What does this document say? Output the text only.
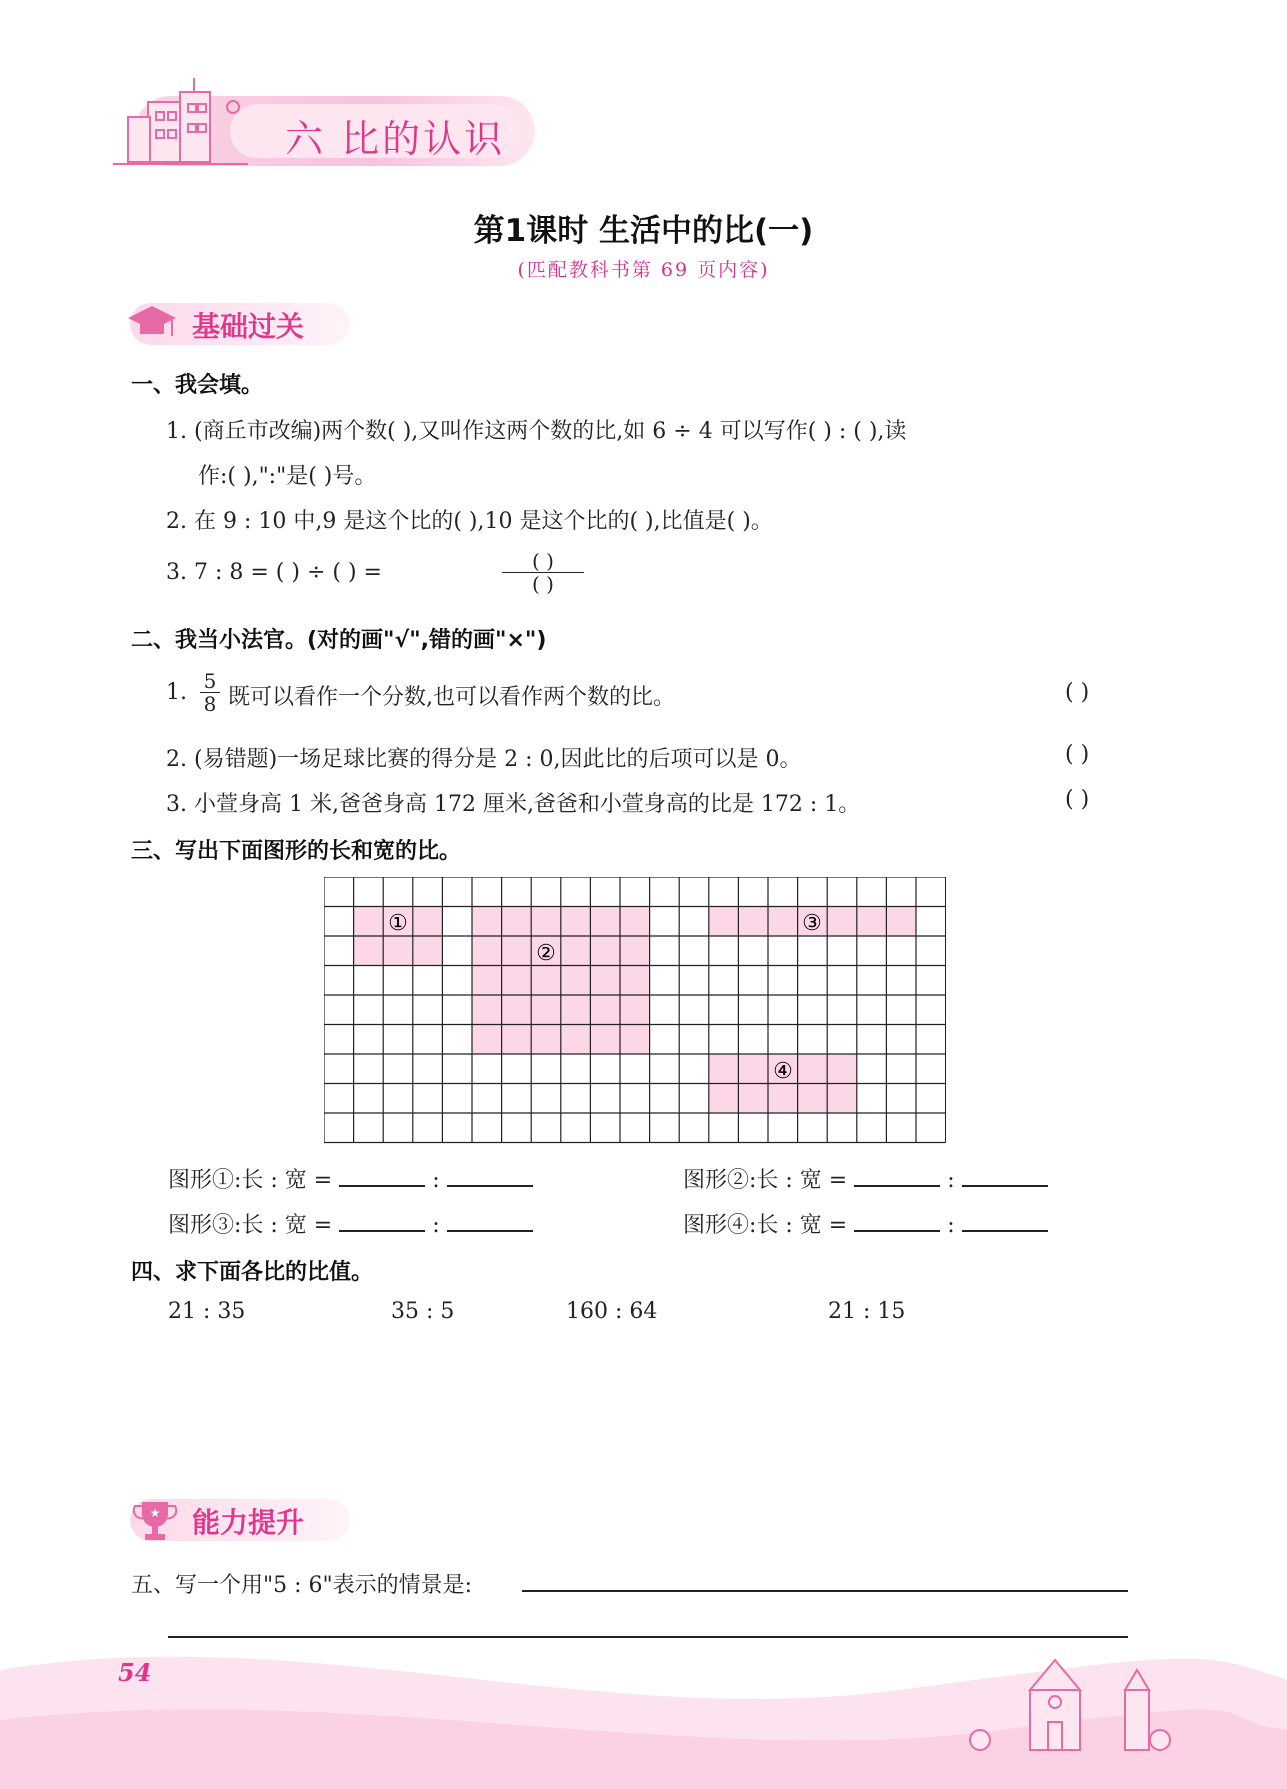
六 比的认识
第1课时 生活中的比(一)
(匹配教科书第 69 页内容)
基础过关
一、我会填。
1. (商丘市改编)两个数( ),又叫作这两个数的比,如 6 ÷ 4 可以写作( ) : ( ),读
作:( ),":"是( )号。
2. 在 9 : 10 中,9 是这个比的( ),10 是这个比的( ),比值是( )。
3. 7 : 8 = ( ) ÷ ( ) =	( )
( )
二、我当小法官。(对的画"√",错的画"×")
1. 5
8 既可以看作一个分数,也可以看作两个数的比。	( )
2. (易错题)一场足球比赛的得分是 2 : 0,因此比的后项可以是 0。	( )
3. 小萱身高 1 米,爸爸身高 172 厘米,爸爸和小萱身高的比是 172 : 1。	( )
三、写出下面图形的长和宽的比。
①
②
③
④
图形①:长 : 宽 =	:	图形②:长 : 宽 =	:
图形③:长 : 宽 =	:	图形④:长 : 宽 =	:
四、求下面各比的比值。
21 : 35	35 : 5	160 : 64	21 : 15
★ 能力提升
五、写一个用"5 : 6"表示的情景是:
54
